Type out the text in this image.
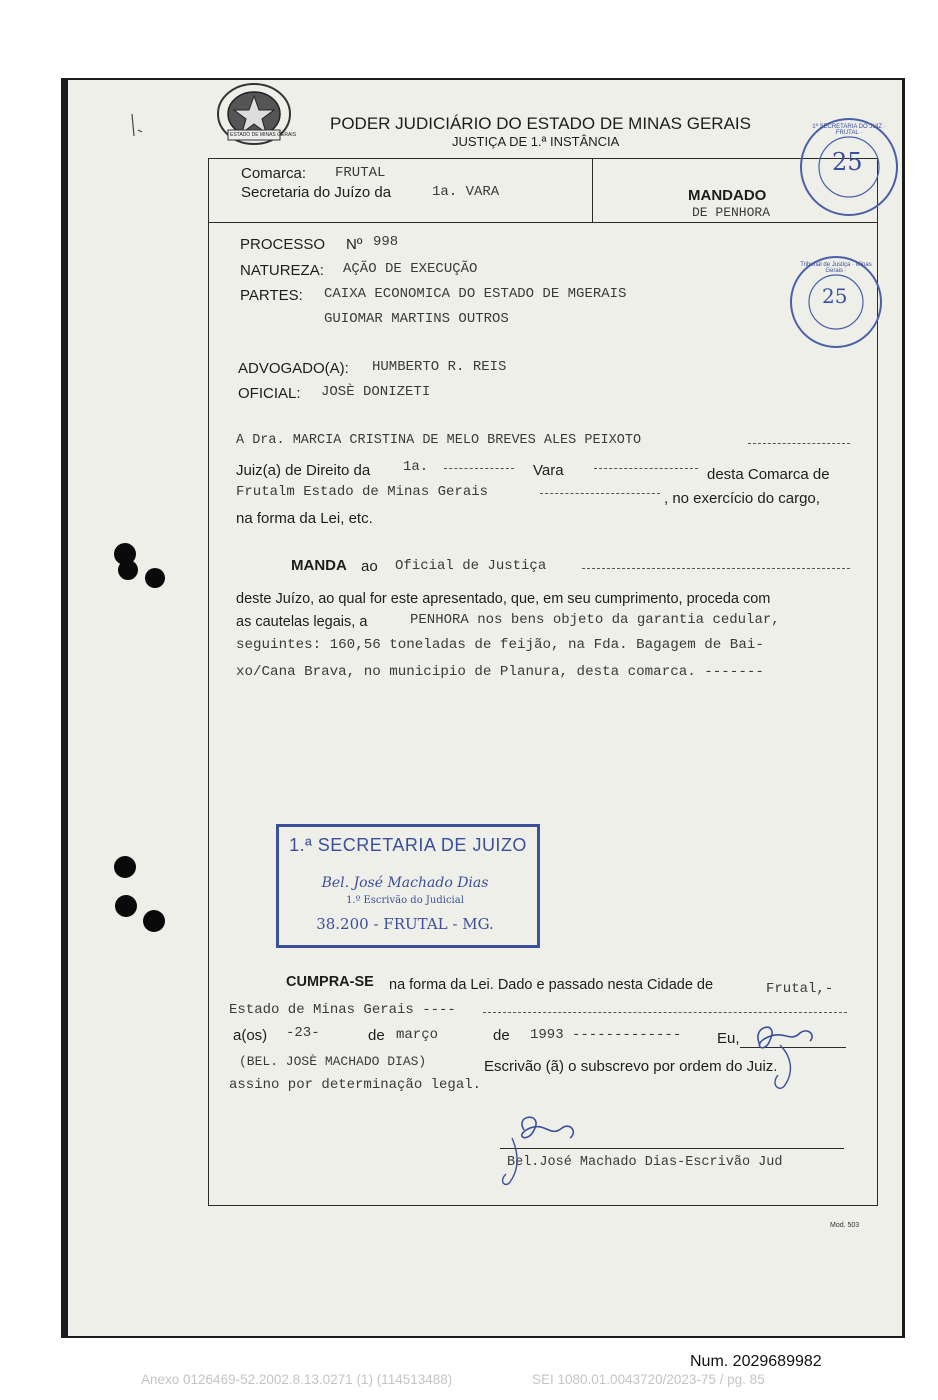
ESTADO DE MINAS GERAIS
PODER JUDICIÁRIO DO ESTADO DE MINAS GERAIS
JUSTIÇA DE 1.ª INSTÂNCIA
Comarca: FRUTAL
Secretaria do Juízo da	1a. VARA	MANDADO
DE PENHORA
PROCESSO Nº 998
NATUREZA: AÇÃO DE EXECUÇÃO
PARTES: CAIXA ECONOMICA DO ESTADO DE MGERAIS
GUIOMAR MARTINS OUTROS
ADVOGADO(A): HUMBERTO R. REIS
OFICIAL: JOSÈ DONIZETI
1ª SECRETARIA DO JUIZ · FRUTAL ·
25
Tribunal de Justiça · Minas Gerais ·
25
A Dra. MARCIA CRISTINA DE MELO BREVES ALES PEIXOTO
Juiz(a) de Direito da 1a.	Vara	desta Comarca de
Frutalm Estado de Minas Gerais	, no exercício do cargo,
na forma da Lei, etc.
MANDA ao Oficial de Justiça
deste Juízo, ao qual for este apresentado, que, em seu cumprimento, proceda com
as cautelas legais, a	PENHORA nos bens objeto da garantia cedular,
seguintes: 160,56 toneladas de feijão, na Fda. Bagagem de Bai-
xo/Cana Brava, no municipio de Planura, desta comarca. -------
1.ª SECRETARIA DE JUIZO
Bel. José Machado Dias
1.º Escrivão do Judicial
38.200 - FRUTAL - MG.
CUMPRA-SE na forma da Lei. Dado e passado nesta Cidade de	Frutal,-
Estado de Minas Gerais ----
a(os) -23-	de março	de 1993 ------------- Eu,
(BEL. JOSÈ MACHADO DIAS)	Escrivão (ã) o subscrevo por ordem do Juiz.
assino por determinação legal.
Bel.José Machado Dias-Escrivão Jud
Mod. 503
Num. 2029689982
Anexo 0126469-52.2002.8.13.0271 (1) (114513488)	SEI 1080.01.0043720/2023-75 / pg. 85
